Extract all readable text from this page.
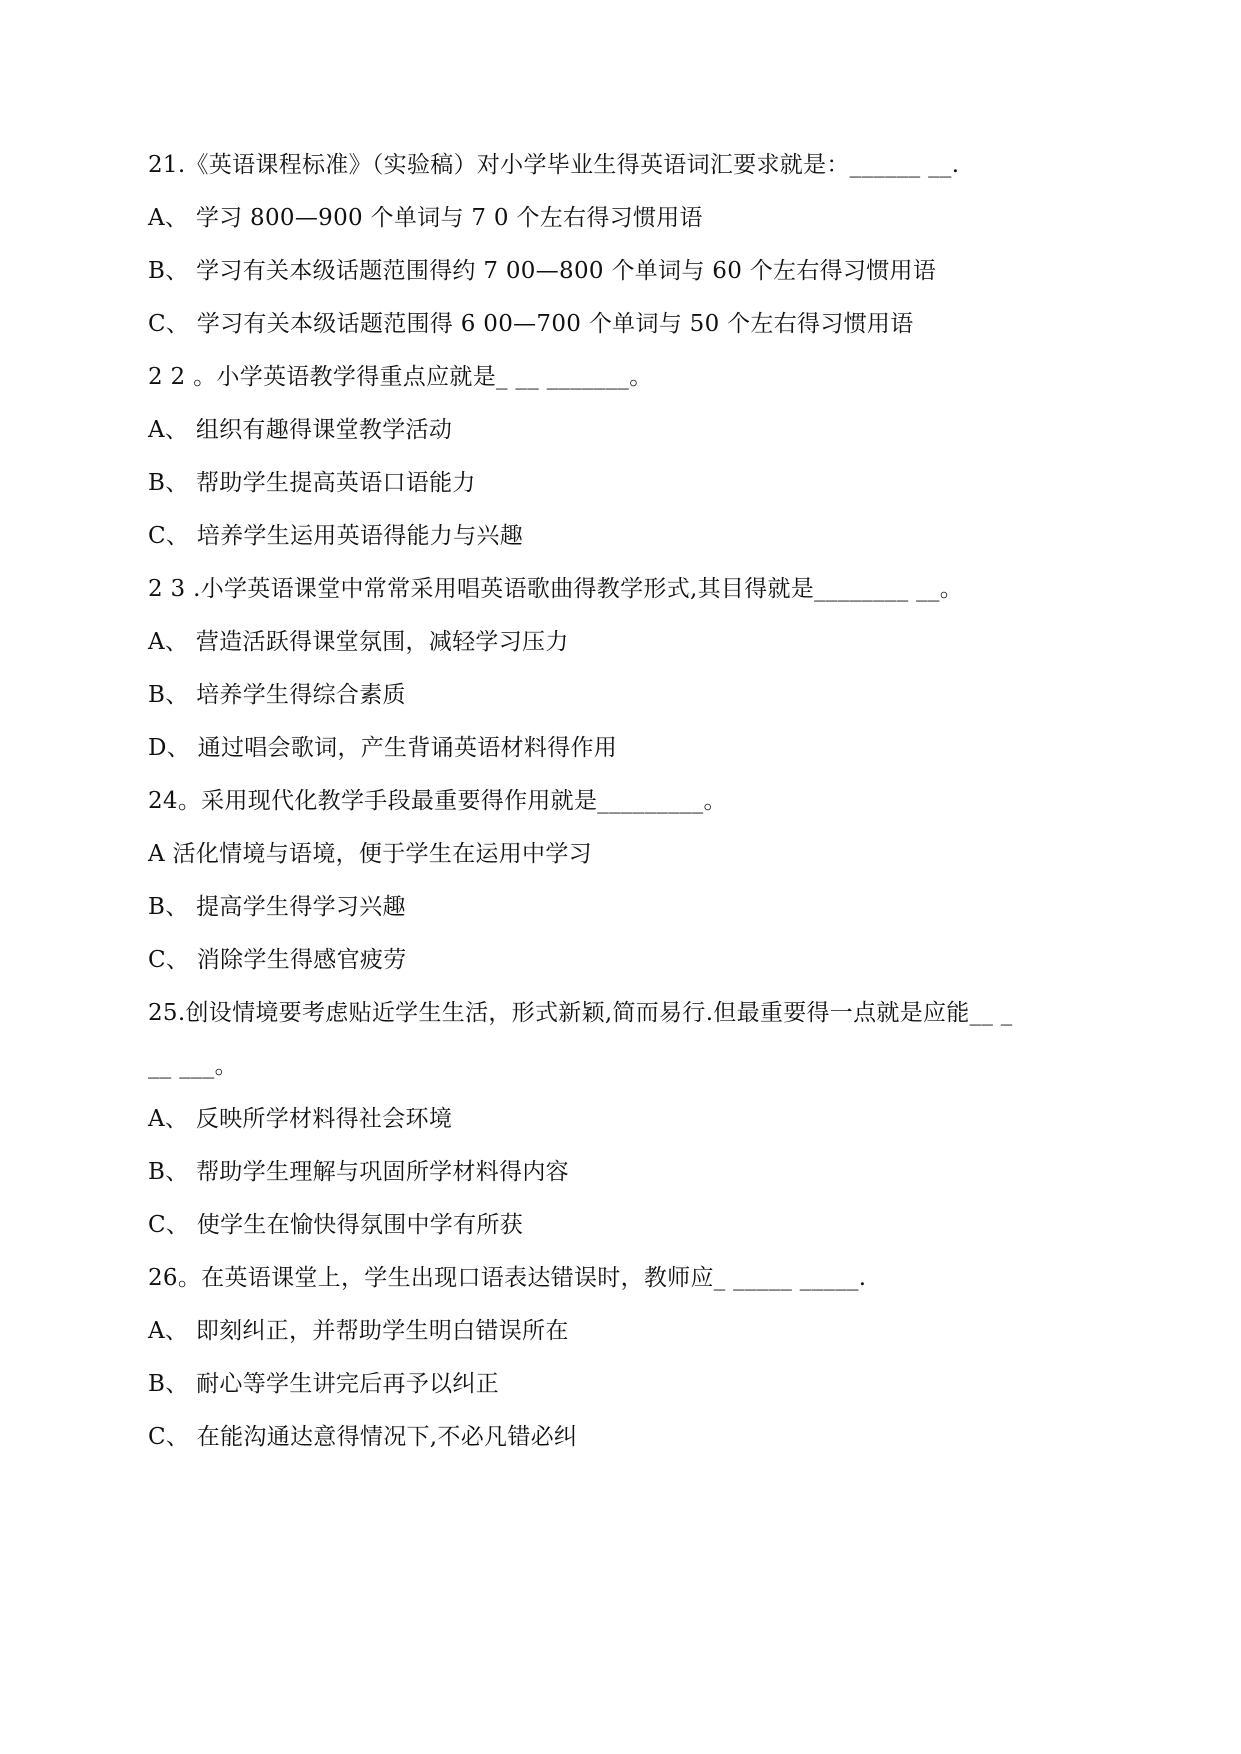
21.《英语课程标准》（实验稿）对小学毕业生得英语词汇要求就是：______ __.
A、 学习 800—900 个单词与 7 0 个左右得习惯用语
B、 学习有关本级话题范围得约 7 00—800 个单词与 60 个左右得习惯用语
C、 学习有关本级话题范围得 6 00—700 个单词与 50 个左右得习惯用语
2 2 。小学英语教学得重点应就是_ __ _______。
A、 组织有趣得课堂教学活动
B、 帮助学生提高英语口语能力
C、 培养学生运用英语得能力与兴趣
2 3 .小学英语课堂中常常采用唱英语歌曲得教学形式,其目得就是________ __。
A、 营造活跃得课堂氛围，减轻学习压力
B、 培养学生得综合素质
D、 通过唱会歌词，产生背诵英语材料得作用
24。采用现代化教学手段最重要得作用就是_________。
A 活化情境与语境，便于学生在运用中学习
B、 提高学生得学习兴趣
C、 消除学生得感官疲劳
25.创设情境要考虑贴近学生生活，形式新颖,简而易行.但最重要得一点就是应能__ _
__ ___。
A、 反映所学材料得社会环境
B、 帮助学生理解与巩固所学材料得内容
C、 使学生在愉快得氛围中学有所获
26。在英语课堂上，学生出现口语表达错误时，教师应_ _____ _____.
A、 即刻纠正，并帮助学生明白错误所在
B、 耐心等学生讲完后再予以纠正
C、 在能沟通达意得情况下,不必凡错必纠
